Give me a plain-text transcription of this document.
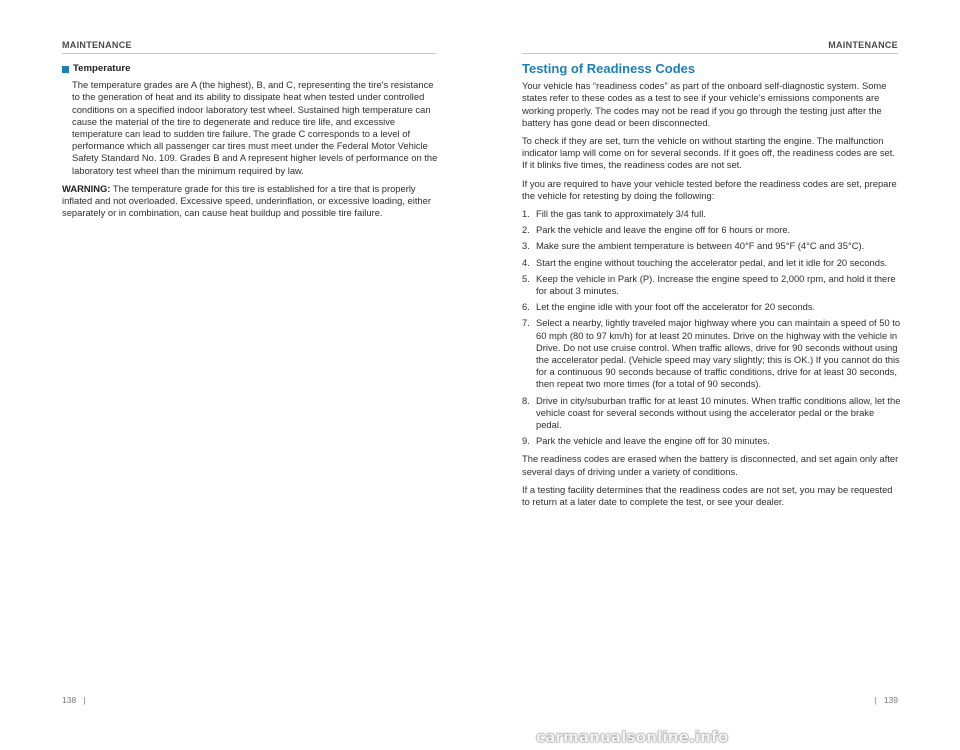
MAINTENANCE
Temperature

The temperature grades are A (the highest), B, and C, representing the tire’s resistance to the generation of heat and its ability to dissipate heat when tested under controlled conditions on a specified indoor laboratory test wheel. Sustained high temperature can cause the material of the tire to degenerate and reduce tire life, and excessive temperature can lead to sudden tire failure. The grade C corresponds to a level of performance which all passenger car tires must meet under the Federal Motor Vehicle Safety Standard No. 109. Grades B and A represent higher levels of performance on the laboratory test wheel than the minimum required by law.

WARNING: The temperature grade for this tire is established for a tire that is properly inflated and not overloaded. Excessive speed, underinflation, or excessive loading, either separately or in combination, can cause heat buildup and possible tire failure.

138 |
MAINTENANCE
Testing of Readiness Codes

Your vehicle has “readiness codes” as part of the onboard self-diagnostic system. Some states refer to these codes as a test to see if your vehicle’s emissions components are working properly. The codes may not be read if you go through the testing just after the battery has gone dead or been disconnected.

To check if they are set, turn the vehicle on without starting the engine. The malfunction indicator lamp will come on for several seconds. If it goes off, the readiness codes are set. If it blinks five times, the readiness codes are not set.

If you are required to have your vehicle tested before the readiness codes are set, prepare the vehicle for retesting by doing the following:

1. Fill the gas tank to approximately 3/4 full.
2. Park the vehicle and leave the engine off for 6 hours or more.
3. Make sure the ambient temperature is between 40°F and 95°F (4°C and 35°C).
4. Start the engine without touching the accelerator pedal, and let it idle for 20 seconds.
5. Keep the vehicle in Park (P). Increase the engine speed to 2,000 rpm, and hold it there for about 3 minutes.
6. Let the engine idle with your foot off the accelerator for 20 seconds.
7. Select a nearby, lightly traveled major highway where you can maintain a speed of 50 to 60 mph (80 to 97 km/h) for at least 20 minutes. Drive on the highway with the vehicle in Drive. Do not use cruise control. When traffic allows, drive for 90 seconds without using the accelerator pedal. (Vehicle speed may vary slightly; this is OK.) If you cannot do this for a continuous 90 seconds because of traffic conditions, drive for at least 30 seconds, then repeat two more times (for a total of 90 seconds).
8. Drive in city/suburban traffic for at least 10 minutes. When traffic conditions allow, let the vehicle coast for several seconds without using the accelerator pedal or the brake pedal.
9. Park the vehicle and leave the engine off for 30 minutes.

The readiness codes are erased when the battery is disconnected, and set again only after several days of driving under a variety of conditions.

If a testing facility determines that the readiness codes are not set, you may be requested to return at a later date to complete the test, or see your dealer.

| 139
carmanualsonline.info
